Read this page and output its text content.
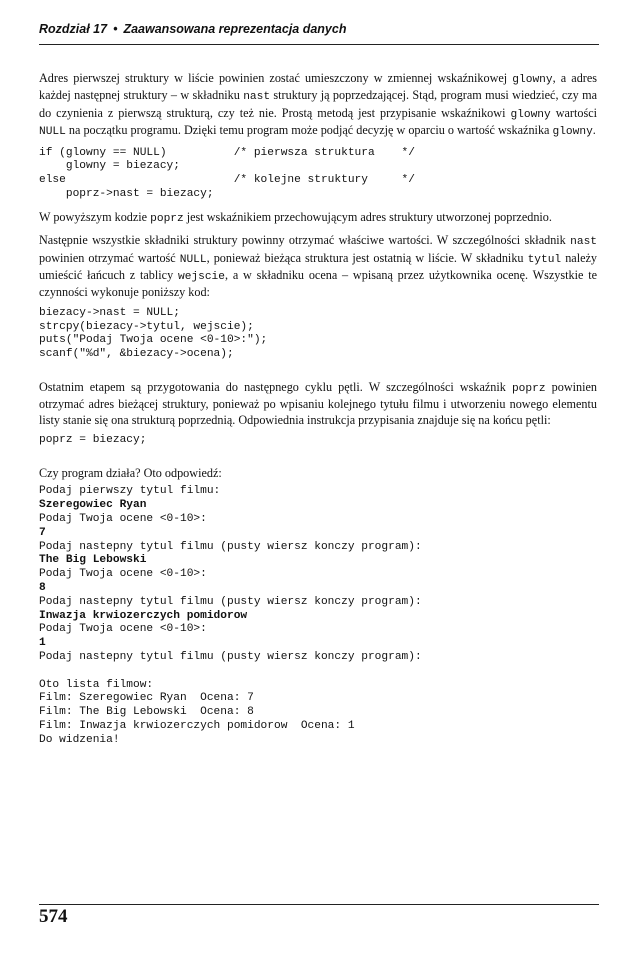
Rozdział 17 • Zaawansowana reprezentacja danych

Adres pierwszej struktury w liście powinien zostać umieszczony w zmiennej wskaźnikowej glowny, a adres każdej następnej struktury – w składniku nast struktury ją poprzedzającej. Stąd, program musi wiedzieć, czy ma do czynienia z pierwszą strukturą, czy też nie. Prostą metodą jest przypisanie wskaźnikowi glowny wartości NULL na początku programu. Dzięki temu program może podjąć decyzję w oparciu o wartość wskaźnika glowny.

if (glowny == NULL)          /* pierwsza struktura    */
glowny = biezacy;
else                         /* kolejne struktury     */
poprz->nast = biezacy;

W powyższym kodzie poprz jest wskaźnikiem przechowującym adres struktury utworzonej poprzednio.

Następnie wszystkie składniki struktury powinny otrzymać właściwe wartości. W szczególności składnik nast powinien otrzymać wartość NULL, ponieważ bieżąca struktura jest ostatnią w liście. W składniku tytul należy umieścić łańcuch z tablicy wejscie, a w składniku ocena – wpisaną przez użytkownika ocenę. Wszystkie te czynności wykonuje poniższy kod:

biezacy->nast = NULL;
strcpy(biezacy->tytul, wejscie);
puts("Podaj Twoja ocene <0-10>:");
scanf("%d", &biezacy->ocena);

Ostatnim etapem są przygotowania do następnego cyklu pętli. W szczególności wskaźnik poprz powinien otrzymać adres bieżącej struktury, ponieważ po wpisaniu kolejnego tytułu filmu i utworzeniu nowego elementu listy stanie się ona strukturą poprzednią. Odpowiednia instrukcja przypisania znajduje się na końcu pętli:

poprz = biezacy;

Czy program działa? Oto odpowiedź:

Podaj pierwszy tytul filmu:
Szeregowiec Ryan
Podaj Twoja ocene <0-10>:
7
Podaj nastepny tytul filmu (pusty wiersz konczy program):
The Big Lebowski
Podaj Twoja ocene <0-10>:
8
Podaj nastepny tytul filmu (pusty wiersz konczy program):
Inwazja krwiozerczych pomidorow
Podaj Twoja ocene <0-10>:
1
Podaj nastepny tytul filmu (pusty wiersz konczy program):

Oto lista filmow:
Film: Szeregowiec Ryan  Ocena: 7
Film: The Big Lebowski  Ocena: 8
Film: Inwazja krwiozerczych pomidorow  Ocena: 1
Do widzenia!
574
